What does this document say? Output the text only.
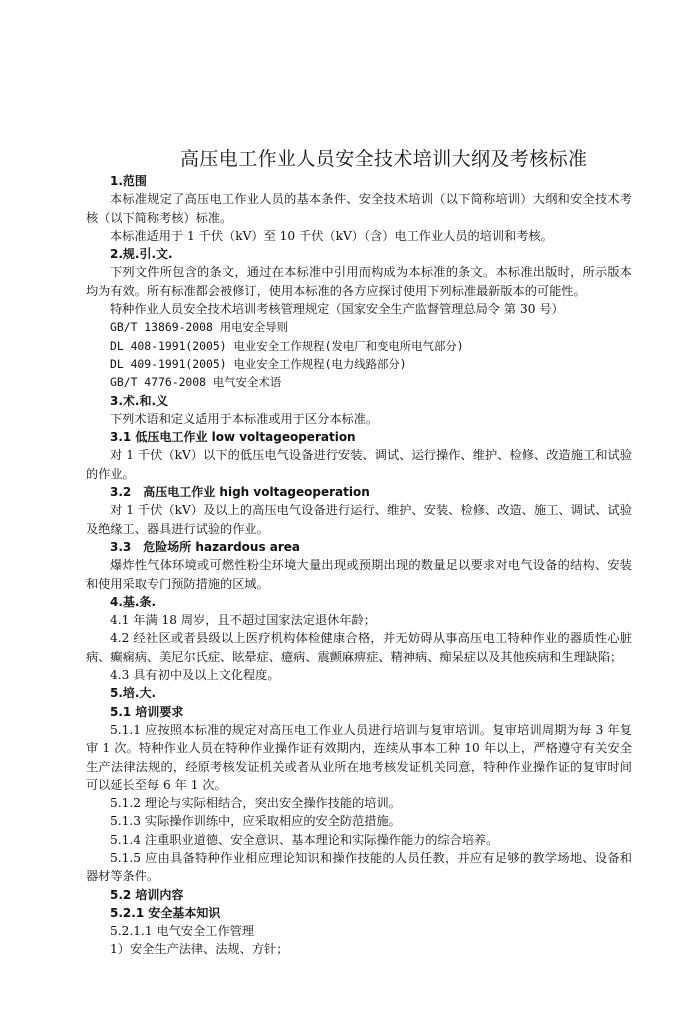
高压电工作业人员安全技术培训大纲及考核标准
1.范围
本标准规定了高压电工作业人员的基本条件、安全技术培训（以下简称培训）大纲和安全技术考核（以下简称考核）标准。
本标准适用于 1 千伏（kV）至 10 千伏（kV）（含）电工作业人员的培训和考核。
2.规.引.文.
下列文件所包含的条文，通过在本标准中引用而构成为本标准的条文。本标准出版时，所示版本均为有效。所有标准都会被修订，使用本标准的各方应探讨使用下列标准最新版本的可能性。
特种作业人员安全技术培训考核管理规定（国家安全生产监督管理总局令 第 30 号）
GB/T 13869-2008 用电安全导则
DL 408-1991(2005) 电业安全工作规程(发电厂和变电所电气部分)
DL 409-1991(2005) 电业安全工作规程(电力线路部分)
GB/T 4776-2008 电气安全术语
3.术.和.义
下列术语和定义适用于本标准或用于区分本标准。
3.1 低压电工作业 low voltageoperation
对 1 千伏（kV）以下的低压电气设备进行安装、调试、运行操作、维护、检修、改造施工和试验的作业。
3.2　高压电工作业 high voltageoperation
对 1 千伏（kV）及以上的高压电气设备进行运行、维护、安装、检修、改造、施工、调试、试验及绝缘工、器具进行试验的作业。
3.3　危险场所 hazardous area
爆炸性气体环境或可燃性粉尘环境大量出现或预期出现的数量足以要求对电气设备的结构、安装和使用采取专门预防措施的区域。
4.基.条.
4.1 年满 18 周岁，且不超过国家法定退休年龄；
4.2 经社区或者县级以上医疗机构体检健康合格，并无妨碍从事高压电工特种作业的器质性心脏病、癫痫病、美尼尔氏症、眩晕症、癔病、震颤麻痹症、精神病、痴呆症以及其他疾病和生理缺陷；
4.3 具有初中及以上文化程度。
5.培.大.
5.1 培训要求
5.1.1 应按照本标准的规定对高压电工作业人员进行培训与复审培训。复审培训周期为每 3 年复审 1 次。特种作业人员在特种作业操作证有效期内，连续从事本工种 10 年以上，严格遵守有关安全生产法律法规的，经原考核发证机关或者从业所在地考核发证机关同意，特种作业操作证的复审时间可以延长至每 6 年 1 次。
5.1.2 理论与实际相结合，突出安全操作技能的培训。
5.1.3 实际操作训练中，应采取相应的安全防范措施。
5.1.4 注重职业道德、安全意识、基本理论和实际操作能力的综合培养。
5.1.5 应由具备特种作业相应理论知识和操作技能的人员任教，并应有足够的教学场地、设备和器材等条件。
5.2 培训内容
5.2.1 安全基本知识
5.2.1.1 电气安全工作管理
1）安全生产法律、法规、方针；
